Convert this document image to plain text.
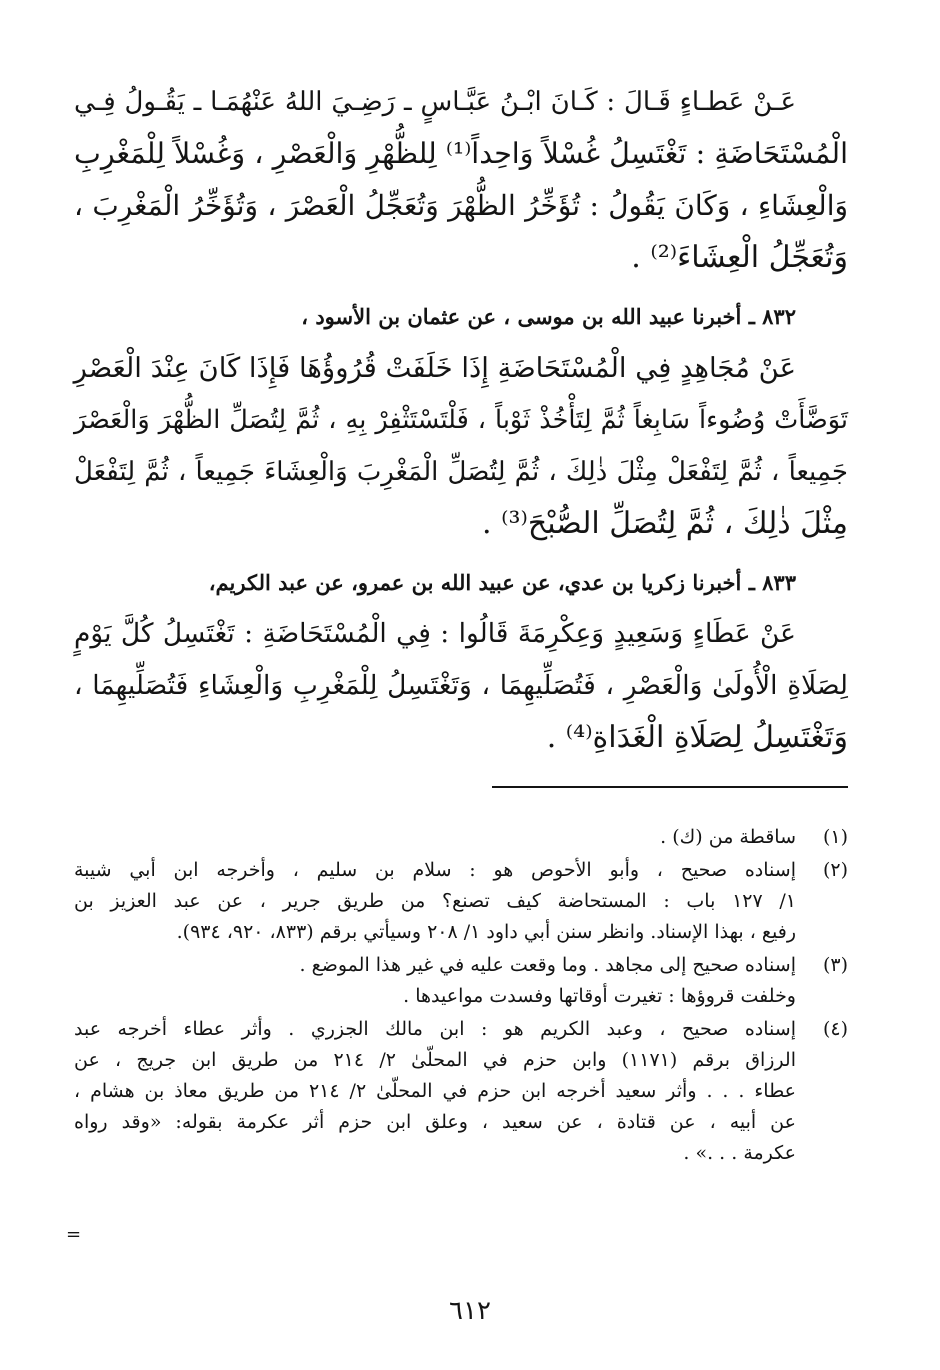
عَـنْ عَطـاءٍ قَـالَ : كَـانَ ابْـنُ عَبَّـاسٍ ـ رَضِـيَ اللهُ عَنْهُمَـا ـ يَقُـولُ فِـي
الْمُسْتَحَاضَةِ : تَغْتَسِلُ غُسْلاً وَاحِداً⁽¹⁾ لِلظُّهْرِ وَالْعَصْرِ ، وَغُسْلاً لِلْمَغْرِبِ
وَالْعِشَاءِ ، وَكَانَ يَقُولُ : تُؤَخِّرُ الظُّهْرَ وَتُعَجِّلُ الْعَصْرَ ، وَتُؤَخِّرُ الْمَغْرِبَ ،
وَتُعَجِّلُ الْعِشَاءَ⁽²⁾ .
٨٣٢ ـ أخبرنا عبيد الله بن موسى ، عن عثمان بن الأسود ،
عَنْ مُجَاهِدٍ فِي الْمُسْتَحَاضَةِ إِذَا خَلَفَتْ قُرُوؤُهَا فَإِذَا كَانَ عِنْدَ الْعَصْرِ
تَوَضَّأَتْ وُضُوءاً سَابِغاً ثُمَّ لِتَأْخُذْ ثَوْباً ، فَلْتَسْتَثْفِرْ بِهِ ، ثُمَّ لِتُصَلِّ الظُّهْرَ وَالْعَصْرَ
جَمِيعاً ، ثُمَّ لِتَفْعَلْ مِثْلَ ذٰلِكَ ، ثُمَّ لِتُصَلِّ الْمَغْرِبَ وَالْعِشَاءَ جَمِيعاً ، ثُمَّ لِتَفْعَلْ
مِثْلَ ذٰلِكَ ، ثُمَّ لِتُصَلِّ الصُّبْحَ⁽³⁾ .
٨٣٣ ـ أخبرنا زكريا بن عدي، عن عبيد الله بن عمرو، عن عبد الكريم،
عَنْ عَطَاءٍ وَسَعِيدٍ وَعِكْرِمَةَ قَالُوا : فِي الْمُسْتَحَاضَةِ : تَغْتَسِلُ كُلَّ يَوْمٍ
لِصَلَاةِ الْأُولَىٰ وَالْعَصْرِ ، فَتُصَلِّيهِمَا ، وَتَغْتَسِلُ لِلْمَغْرِبِ وَالْعِشَاءِ فَتُصَلِّيهِمَا ،
وَتَغْتَسِلُ لِصَلَاةِ الْغَدَاةِ⁽⁴⁾ .
(١)
ساقطة من (ك) .
(٢)
إسناده صحيح ، وأبو الأحوص هو : سلام بن سليم ، وأخرجه ابن أبي شيبة
١/ ١٢٧ باب : المستحاضة كيف تصنع؟ من طريق جرير ، عن عبد العزيز بن
رفيع ، بهذا الإسناد. وانظر سنن أبي داود ١/ ٢٠٨ وسيأتي برقم (٨٣٣، ٩٢٠، ٩٣٤).
(٣)
إسناده صحيح إلى مجاهد . وما وقعت عليه في غير هذا الموضع .
وخلفت قروؤها : تغيرت أوقاتها وفسدت مواعيدها .
(٤)
إسناده صحيح ، وعبد الكريم هو : ابن مالك الجزري . وأثر عطاء أخرجه عبد
الرزاق برقم (١١٧١) وابن حزم في المحلّىٰ ٢/ ٢١٤ من طريق ابن جريج ، عن
عطاء . . . وأثر سعيد أخرجه ابن حزم في المحلّىٰ ٢/ ٢١٤ من طريق معاذ بن هشام ،
عن أبيه ، عن قتادة ، عن سعيد ، وعلق ابن حزم أثر عكرمة بقوله: «وقد رواه
عكرمة . . .» .
=
٦١٢
